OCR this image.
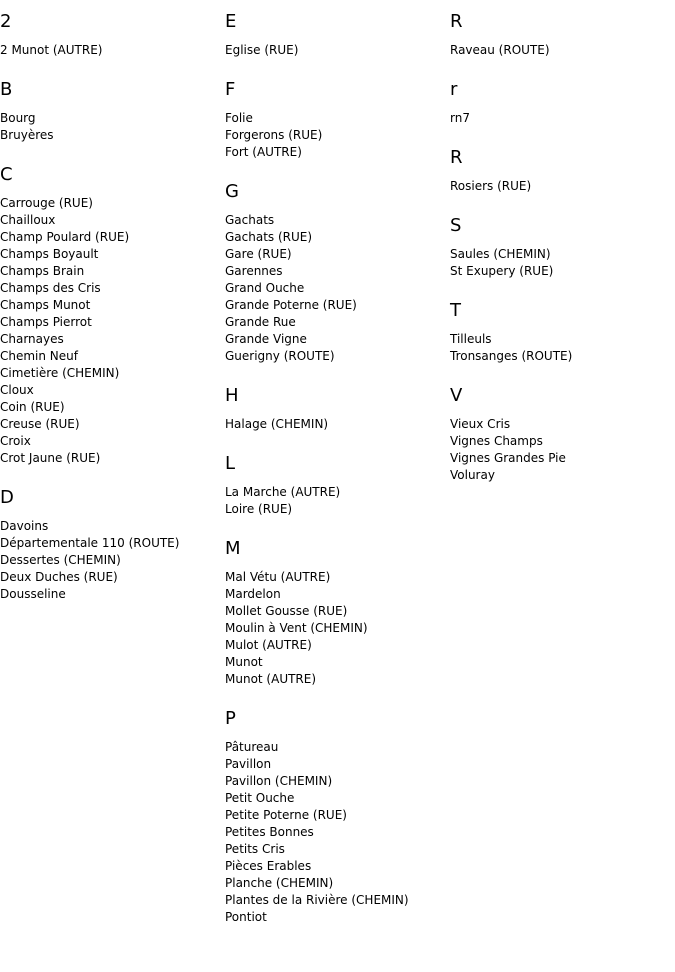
2
2 Munot (AUTRE)
B
Bourg
Bruyères
C
Carrouge (RUE)
Chailloux
Champ Poulard (RUE)
Champs Boyault
Champs Brain
Champs des Cris
Champs Munot
Champs Pierrot
Charnayes
Chemin Neuf
Cimetière (CHEMIN)
Cloux
Coin (RUE)
Creuse (RUE)
Croix
Crot Jaune (RUE)
D
Davoins
Départementale 110 (ROUTE)
Dessertes (CHEMIN)
Deux Duches (RUE)
Dousseline
E
Eglise (RUE)
F
Folie
Forgerons (RUE)
Fort (AUTRE)
G
Gachats
Gachats (RUE)
Gare (RUE)
Garennes
Grand Ouche
Grande Poterne (RUE)
Grande Rue
Grande Vigne
Guerigny (ROUTE)
H
Halage (CHEMIN)
L
La Marche (AUTRE)
Loire (RUE)
M
Mal Vétu (AUTRE)
Mardelon
Mollet Gousse (RUE)
Moulin à Vent (CHEMIN)
Mulot (AUTRE)
Munot
Munot (AUTRE)
P
Pâtureau
Pavillon
Pavillon (CHEMIN)
Petit Ouche
Petite Poterne (RUE)
Petites Bonnes
Petits Cris
Pièces Erables
Planche (CHEMIN)
Plantes de la Rivière (CHEMIN)
Pontiot
R
Raveau (ROUTE)
r
rn7
R
Rosiers (RUE)
S
Saules (CHEMIN)
St Exupery (RUE)
T
Tilleuls
Tronsanges (ROUTE)
V
Vieux Cris
Vignes Champs
Vignes Grandes Pie
Voluray
